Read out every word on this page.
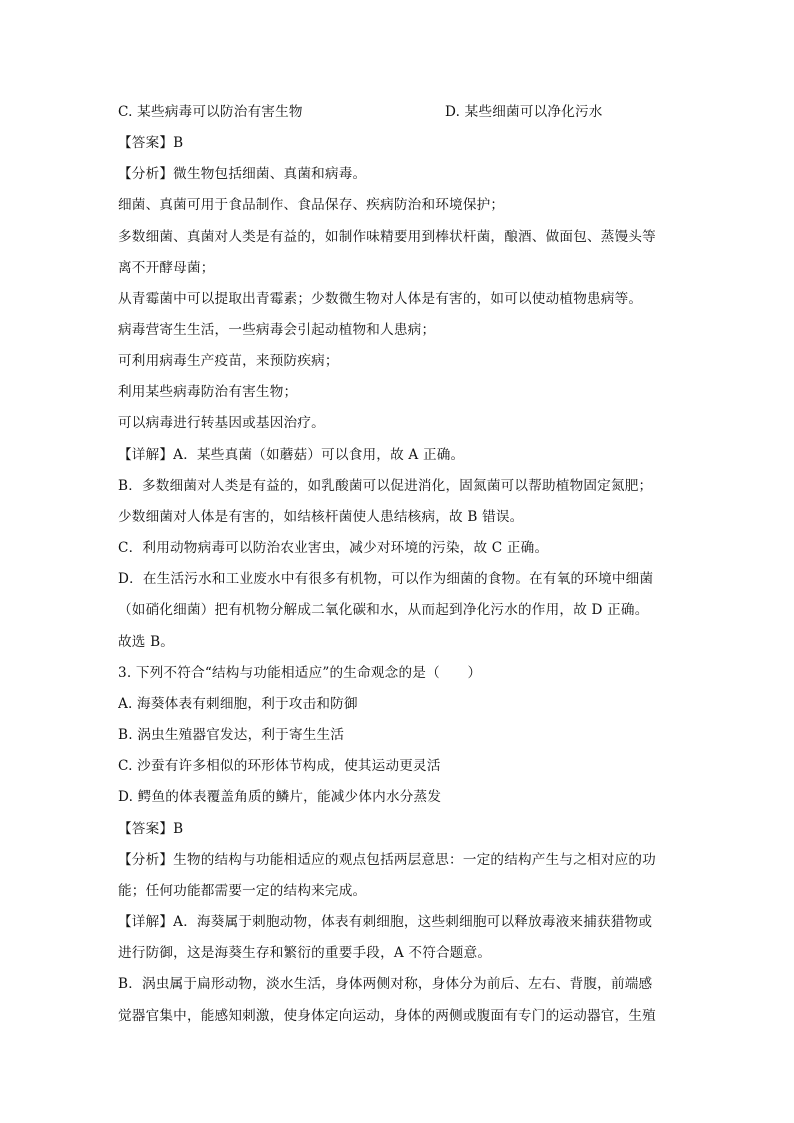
C. 某些病毒可以防治有害生物	D. 某些细菌可以净化污水
【答案】B
【分析】微生物包括细菌、真菌和病毒。
细菌、真菌可用于食品制作、食品保存、疾病防治和环境保护；
多数细菌、真菌对人类是有益的，如制作味精要用到棒状杆菌，酿酒、做面包、蒸馒头等
离不开酵母菌；
从青霉菌中可以提取出青霉素；少数微生物对人体是有害的，如可以使动植物患病等。
病毒营寄生生活，一些病毒会引起动植物和人患病；
可利用病毒生产疫苗，来预防疾病；
利用某些病毒防治有害生物；
可以病毒进行转基因或基因治疗。
【详解】A．某些真菌（如蘑菇）可以食用，故 A 正确。
B．多数细菌对人类是有益的，如乳酸菌可以促进消化，固氮菌可以帮助植物固定氮肥；
少数细菌对人体是有害的，如结核杆菌使人患结核病，故 B 错误。
C．利用动物病毒可以防治农业害虫，减少对环境的污染，故 C 正确。
D．在生活污水和工业废水中有很多有机物，可以作为细菌的食物。在有氧的环境中细菌
（如硝化细菌）把有机物分解成二氧化碳和水，从而起到净化污水的作用，故 D 正确。
故选 B。
3. 下列不符合“结构与功能相适应”的生命观念的是（　　）
A. 海葵体表有刺细胞，利于攻击和防御
B. 涡虫生殖器官发达，利于寄生生活
C. 沙蚕有许多相似的环形体节构成，使其运动更灵活
D. 鳄鱼的体表覆盖角质的鳞片，能减少体内水分蒸发
【答案】B
【分析】生物的结构与功能相适应的观点包括两层意思：一定的结构产生与之相对应的功
能；任何功能都需要一定的结构来完成。
【详解】A．海葵属于刺胞动物，体表有刺细胞，这些刺细胞可以释放毒液来捕获猎物或
进行防御，这是海葵生存和繁衍的重要手段，A 不符合题意。
B．涡虫属于扁形动物，淡水生活，身体两侧对称，身体分为前后、左右、背腹，前端感
觉器官集中，能感知刺激，使身体定向运动，身体的两侧或腹面有专门的运动器官，生殖
